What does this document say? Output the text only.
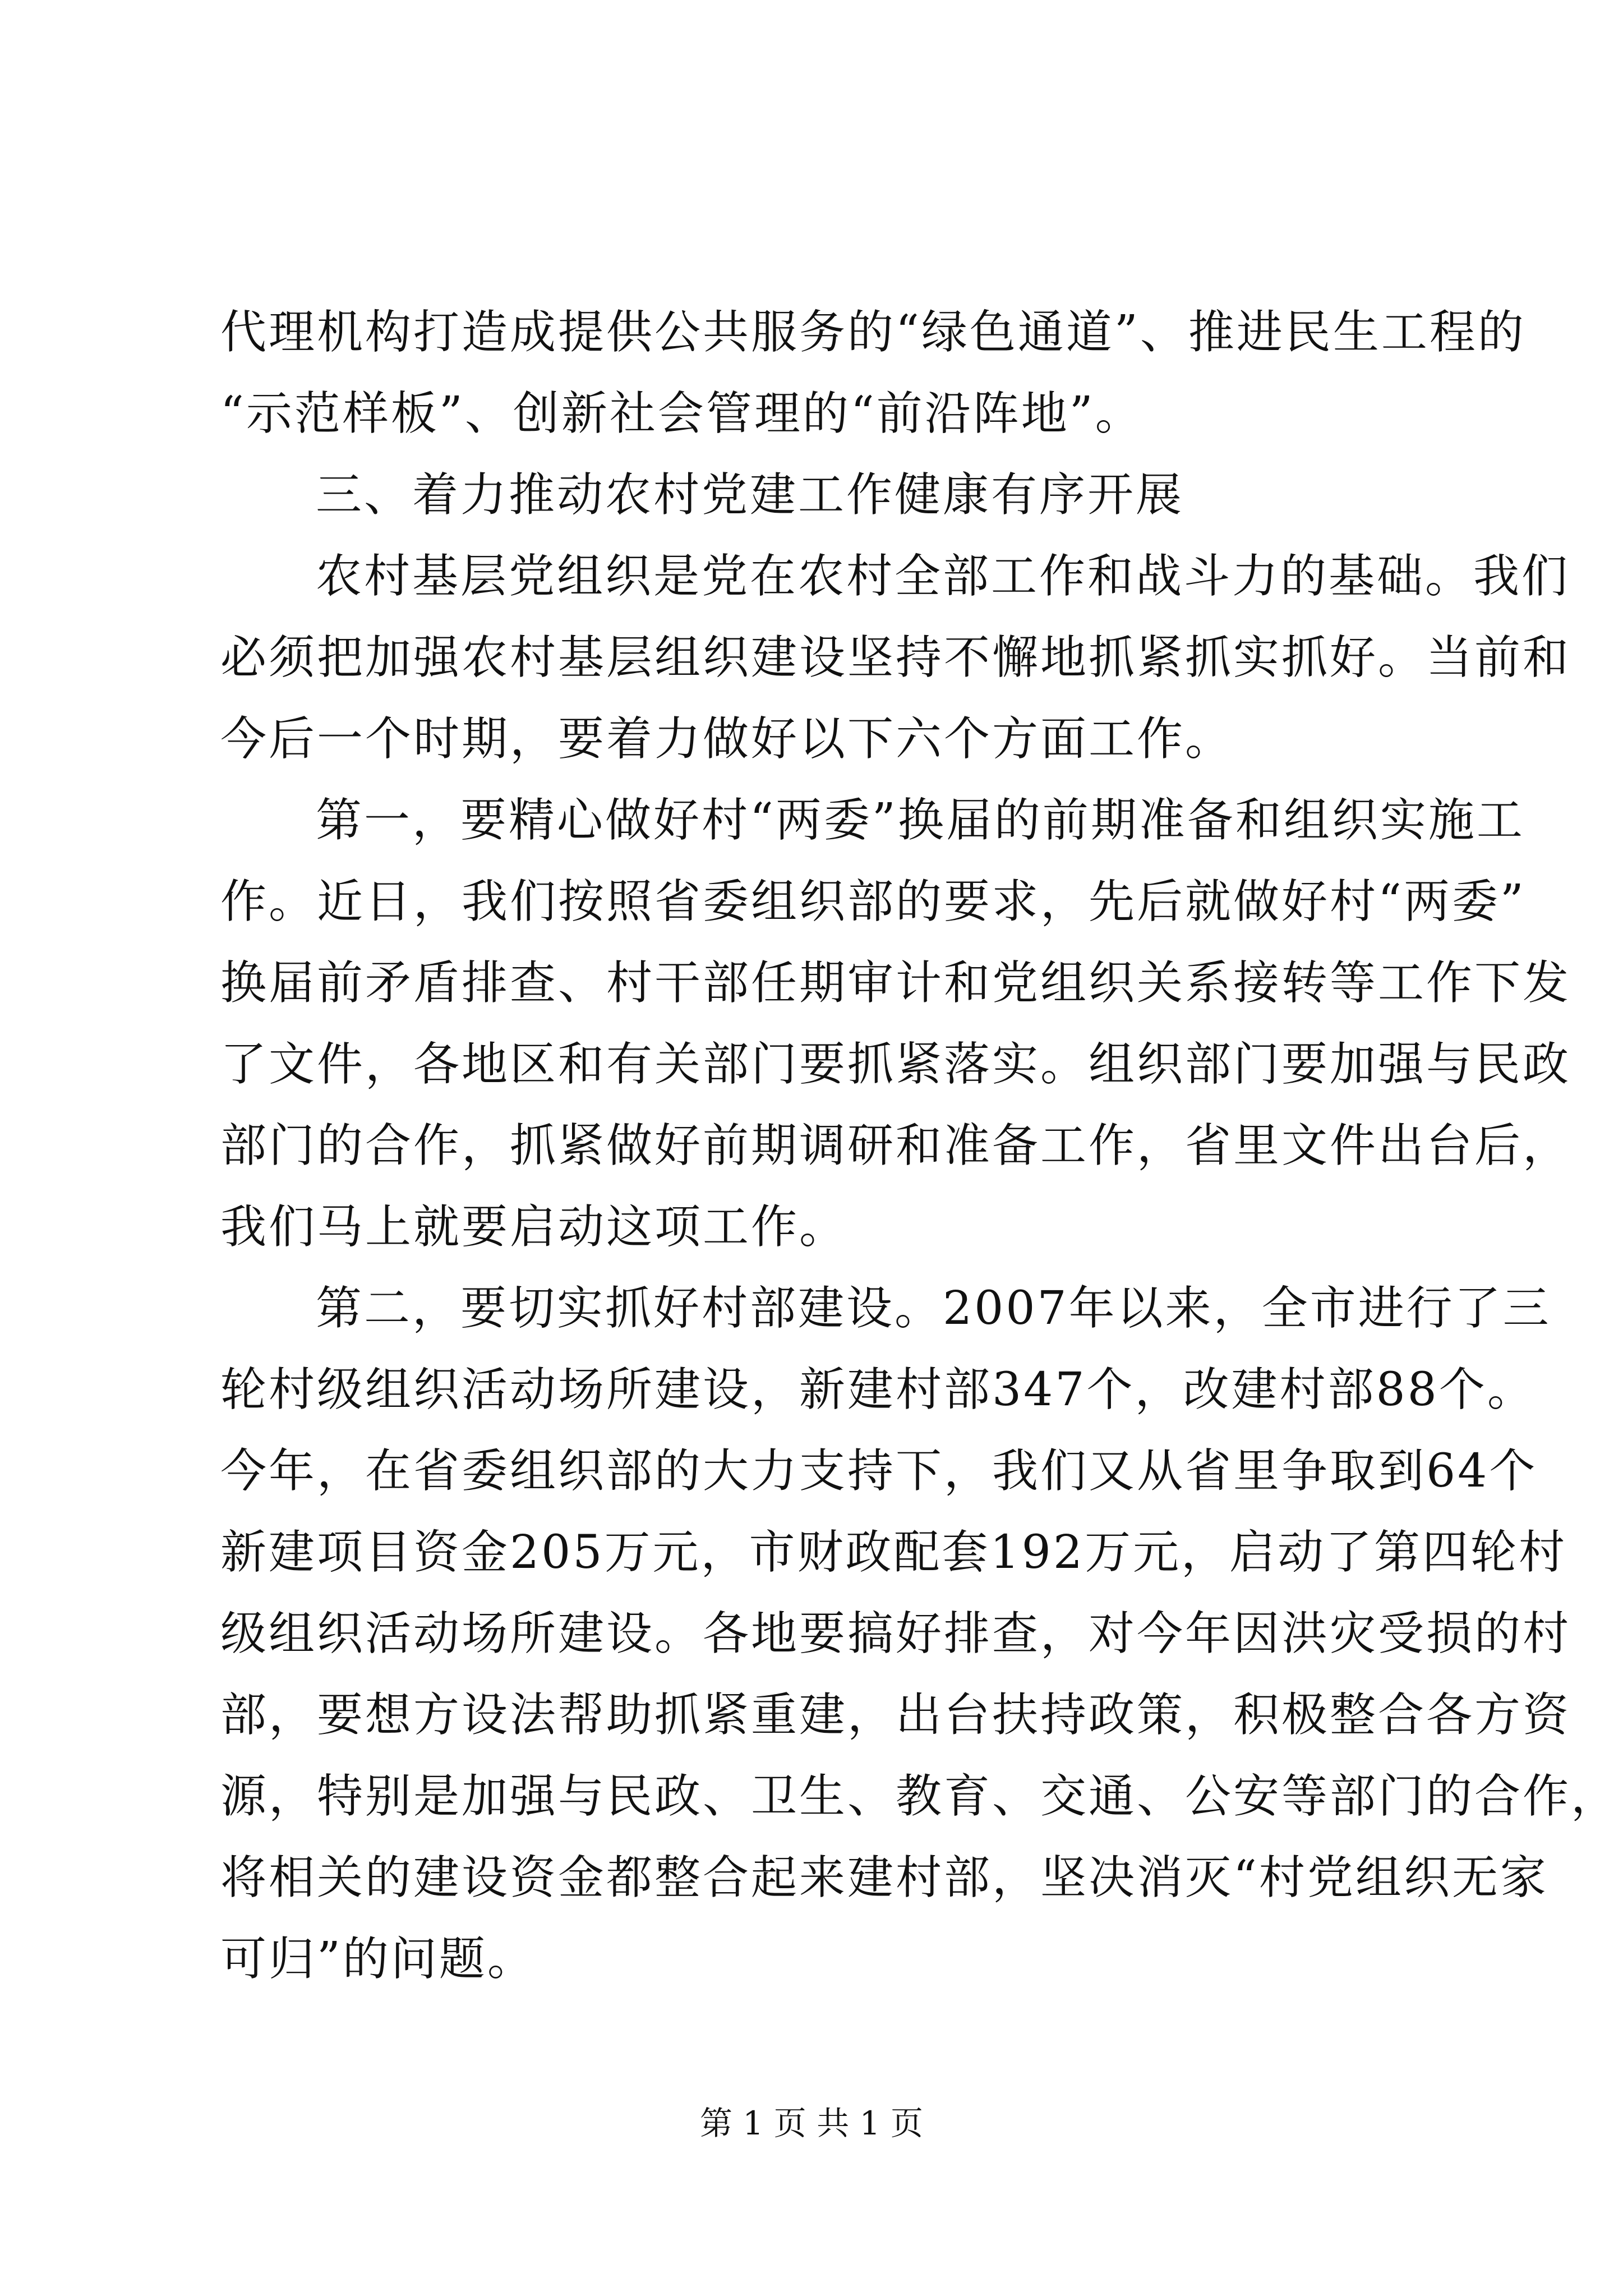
代理机构打造成提供公共服务的“绿色通道”、推进民生工程的
“示范样板”、创新社会管理的“前沿阵地”。
三、着力推动农村党建工作健康有序开展
农村基层党组织是党在农村全部工作和战斗力的基础。我们
必须把加强农村基层组织建设坚持不懈地抓紧抓实抓好。当前和
今后一个时期，要着力做好以下六个方面工作。
第一，要精心做好村“两委”换届的前期准备和组织实施工
作。近日，我们按照省委组织部的要求，先后就做好村“两委”
换届前矛盾排查、村干部任期审计和党组织关系接转等工作下发
了文件，各地区和有关部门要抓紧落实。组织部门要加强与民政
部门的合作，抓紧做好前期调研和准备工作，省里文件出台后，
我们马上就要启动这项工作。
第二，要切实抓好村部建设。2007年以来，全市进行了三
轮村级组织活动场所建设，新建村部347个，改建村部88个。
今年，在省委组织部的大力支持下，我们又从省里争取到64个
新建项目资金205万元，市财政配套192万元，启动了第四轮村
级组织活动场所建设。各地要搞好排查，对今年因洪灾受损的村
部，要想方设法帮助抓紧重建，出台扶持政策，积极整合各方资
源，特别是加强与民政、卫生、教育、交通、公安等部门的合作，
将相关的建设资金都整合起来建村部，坚决消灭“村党组织无家
可归”的问题。
第 1 页 共 1 页
